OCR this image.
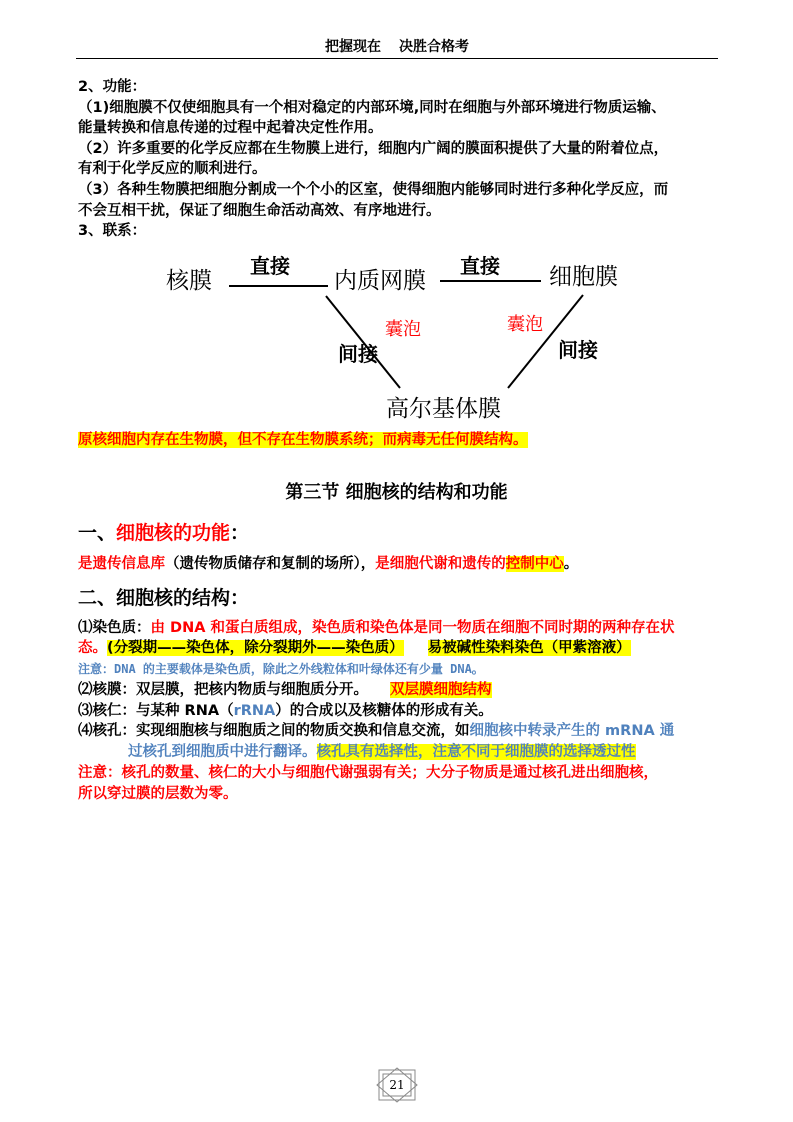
把握现在 决胜合格考
2、功能：
（1)细胞膜不仅使细胞具有一个相对稳定的内部环境,同时在细胞与外部环境进行物质运输、
能量转换和信息传递的过程中起着决定性作用。
（2）许多重要的化学反应都在生物膜上进行，细胞内广阔的膜面积提供了大量的附着位点，
有利于化学反应的顺利进行。
（3）各种生物膜把细胞分割成一个个小的区室，使得细胞内能够同时进行多种化学反应，而
不会互相干扰，保证了细胞生命活动高效、有序地进行。
3、联系：
核膜	内质网膜	细胞膜
高尔基体膜
直接	直接
间接	间接
囊泡	囊泡
原核细胞内存在生物膜，但不存在生物膜系统；而病毒无任何膜结构。
第三节 细胞核的结构和功能
一、细胞核的功能：
是遗传信息库（遗传物质储存和复制的场所），是细胞代谢和遗传的控制中心。
二、细胞核的结构：
⑴染色质：由 DNA 和蛋白质组成，染色质和染色体是同一物质在细胞不同时期的两种存在状
态。(分裂期——染色体，除分裂期外——染色质） 易被碱性染料染色（甲紫溶液）
注意：DNA 的主要载体是染色质，除此之外线粒体和叶绿体还有少量 DNA。
⑵核膜：双层膜，把核内物质与细胞质分开。 双层膜细胞结构
⑶核仁：与某种 RNA（rRNA）的合成以及核糖体的形成有关。
⑷核孔：实现细胞核与细胞质之间的物质交换和信息交流，如细胞核中转录产生的 mRNA 通
过核孔到细胞质中进行翻译。核孔具有选择性，注意不同于细胞膜的选择透过性
注意：核孔的数量、核仁的大小与细胞代谢强弱有关；大分子物质是通过核孔进出细胞核，
所以穿过膜的层数为零。
21
